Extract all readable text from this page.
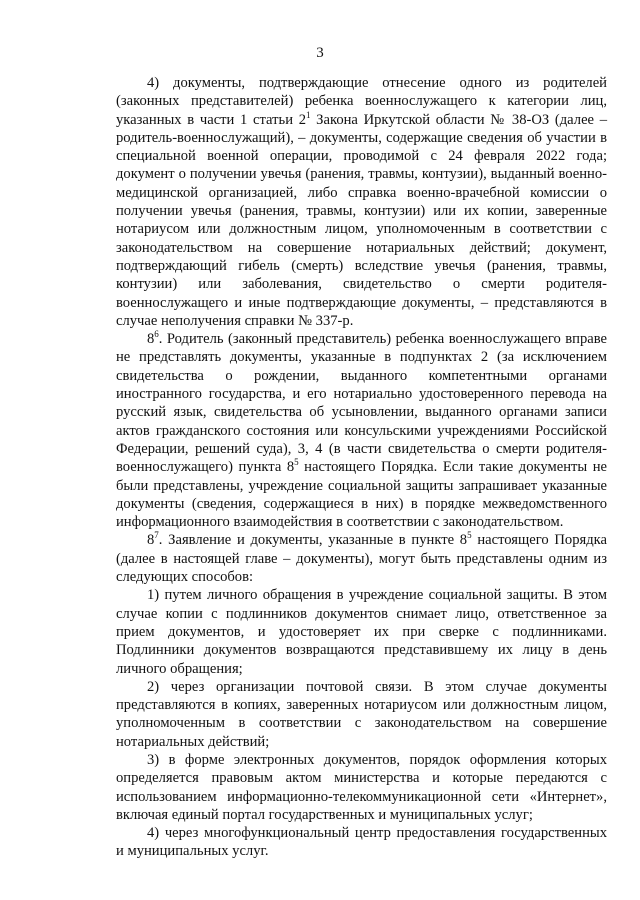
3

4) документы, подтверждающие отнесение одного из родителей (законных представителей) ребенка военнослужащего к категории лиц, указанных в части 1 статьи $2^1$ Закона Иркутской области № 38-ОЗ (далее – родитель-военнослужащий), – документы, содержащие сведения об участии в специальной военной операции, проводимой с 24 февраля 2022 года; документ о получении увечья (ранения, травмы, контузии), выданный военно-медицинской организацией, либо справка военно-врачебной комиссии о получении увечья (ранения, травмы, контузии) или их копии, заверенные нотариусом или должностным лицом, уполномоченным в соответствии с законодательством на совершение нотариальных действий; документ, подтверждающий гибель (смерть) вследствие увечья (ранения, травмы, контузии) или заболевания, свидетельство о смерти родителя-военнослужащего и иные подтверждающие документы, – представляются в случае неполучения справки № 337-р.

$8^6$. Родитель (законный представитель) ребенка военнослужащего вправе не представлять документы, указанные в подпунктах 2 (за исключением свидетельства о рождении, выданного компетентными органами иностранного государства, и его нотариально удостоверенного перевода на русский язык, свидетельства об усыновлении, выданного органами записи актов гражданского состояния или консульскими учреждениями Российской Федерации, решений суда), 3, 4 (в части свидетельства о смерти родителя-военнослужащего) пункта $8^5$ настоящего Порядка. Если такие документы не были представлены, учреждение социальной защиты запрашивает указанные документы (сведения, содержащиеся в них) в порядке межведомственного информационного взаимодействия в соответствии с законодательством.

$8^7$. Заявление и документы, указанные в пункте $8^5$ настоящего Порядка (далее в настоящей главе – документы), могут быть представлены одним из следующих способов:

1) путем личного обращения в учреждение социальной защиты. В этом случае копии с подлинников документов снимает лицо, ответственное за прием документов, и удостоверяет их при сверке с подлинниками. Подлинники документов возвращаются представившему их лицу в день личного обращения;

2) через организации почтовой связи. В этом случае документы представляются в копиях, заверенных нотариусом или должностным лицом, уполномоченным в соответствии с законодательством на совершение нотариальных действий;

3) в форме электронных документов, порядок оформления которых определяется правовым актом министерства и которые передаются с использованием информационно-телекоммуникационной сети «Интернет», включая единый портал государственных и муниципальных услуг;

4) через многофункциональный центр предоставления государственных и муниципальных услуг.
